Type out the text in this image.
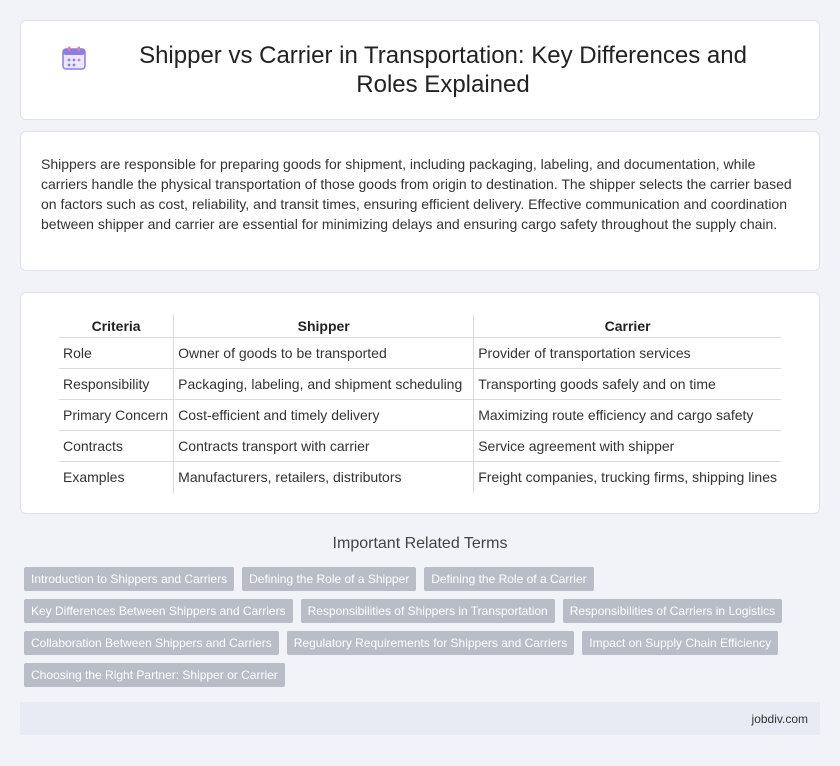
Shipper vs Carrier in Transportation: Key Differences and Roles Explained

Shippers are responsible for preparing goods for shipment, including packaging, labeling, and documentation, while carriers handle the physical transportation of those goods from origin to destination. The shipper selects the carrier based on factors such as cost, reliability, and transit times, ensuring efficient delivery. Effective communication and coordination between shipper and carrier are essential for minimizing delays and ensuring cargo safety throughout the supply chain.

Criteria	Shipper	Carrier
Role	Owner of goods to be transported	Provider of transportation services
Responsibility	Packaging, labeling, and shipment scheduling	Transporting goods safely and on time
Primary Concern	Cost-efficient and timely delivery	Maximizing route efficiency and cargo safety
Contracts	Contracts transport with carrier	Service agreement with shipper
Examples	Manufacturers, retailers, distributors	Freight companies, trucking firms, shipping lines
Important Related Terms
Introduction to Shippers and Carriers	Defining the Role of a Shipper	Defining the Role of a Carrier
Key Differences Between Shippers and Carriers	Responsibilities of Shippers in Transportation	Responsibilities of Carriers in Logistics
Collaboration Between Shippers and Carriers	Regulatory Requirements for Shippers and Carriers	Impact on Supply Chain Efficiency
Choosing the Right Partner: Shipper or Carrier
jobdiv.com
